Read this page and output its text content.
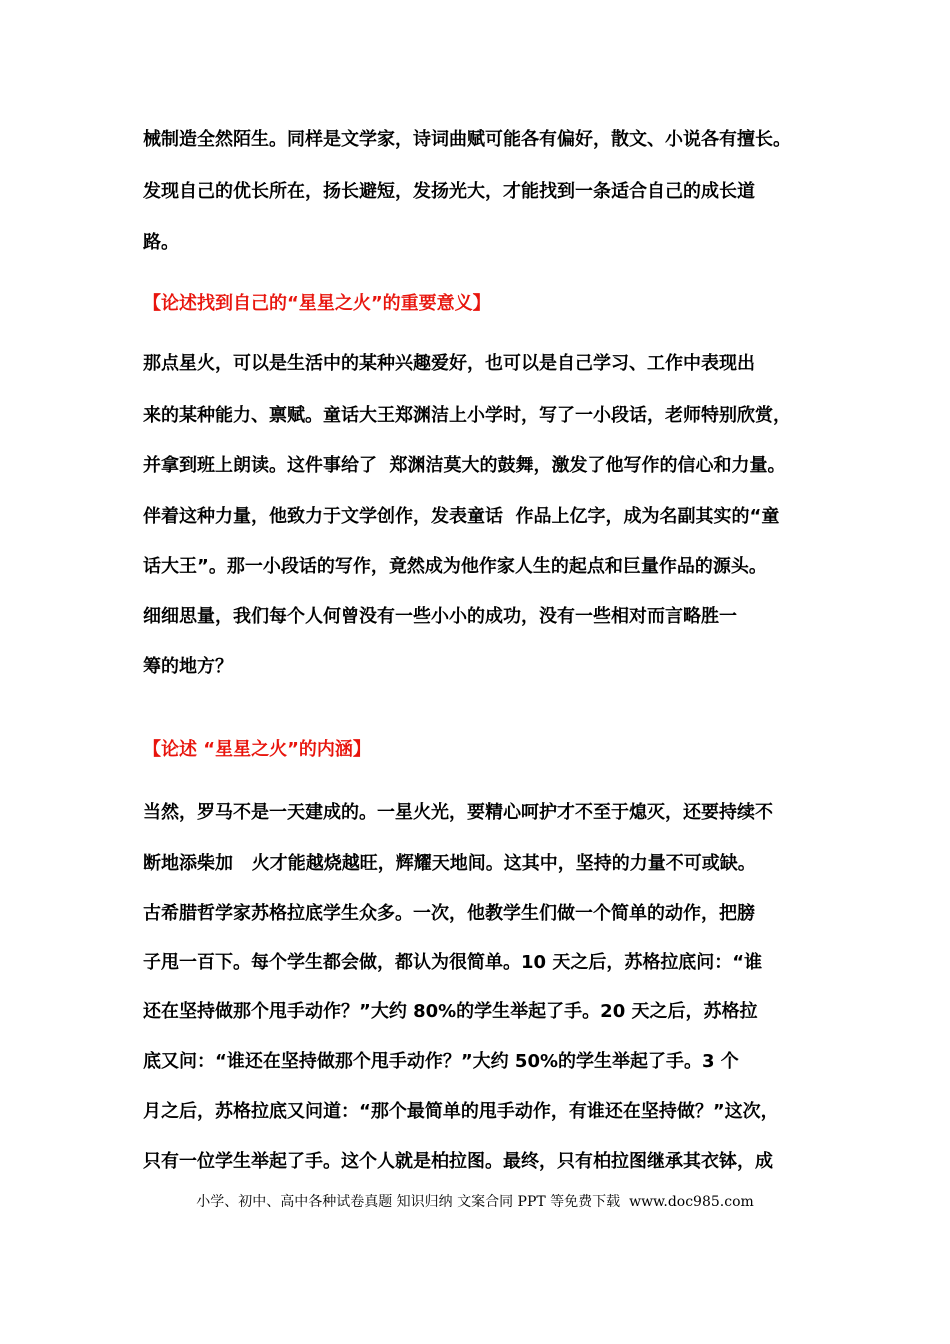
械制造全然陌生。同样是文学家，诗词曲赋可能各有偏好，散文、小说各有擅长。
发现自己的优长所在，扬长避短，发扬光大，才能找到一条适合自己的成长道
路。
【论述找到自己的“星星之火”的重要意义】
那点星火，可以是生活中的某种兴趣爱好，也可以是自己学习、工作中表现出
来的某种能力、禀赋。童话大王郑渊洁上小学时，写了一小段话，老师特别欣赏，
并拿到班上朗读。这件事给了  郑渊洁莫大的鼓舞，激发了他写作的信心和力量。
伴着这种力量，他致力于文学创作，发表童话  作品上亿字，成为名副其实的“童
话大王”。那一小段话的写作，竟然成为他作家人生的起点和巨量作品的源头。
细细思量，我们每个人何曾没有一些小小的成功，没有一些相对而言略胜一
筹的地方？
【论述 “星星之火”的内涵】
当然，罗马不是一天建成的。一星火光，要精心呵护才不至于熄灭，还要持续不
断地添柴加   火才能越烧越旺，辉耀天地间。这其中，坚持的力量不可或缺。
古希腊哲学家苏格拉底学生众多。一次，他教学生们做一个简单的动作，把膀
子甩一百下。每个学生都会做，都认为很简单。10 天之后，苏格拉底问：“谁
还在坚持做那个甩手动作？”大约 80%的学生举起了手。20 天之后，苏格拉
底又问：“谁还在坚持做那个甩手动作？”大约 50%的学生举起了手。3 个
月之后，苏格拉底又问道：“那个最简单的甩手动作，有谁还在坚持做？”这次，
只有一位学生举起了手。这个人就是柏拉图。最终，只有柏拉图继承其衣钵，成
小学、初中、高中各种试卷真题 知识归纳 文案合同 PPT 等免费下载  www.doc985.com
